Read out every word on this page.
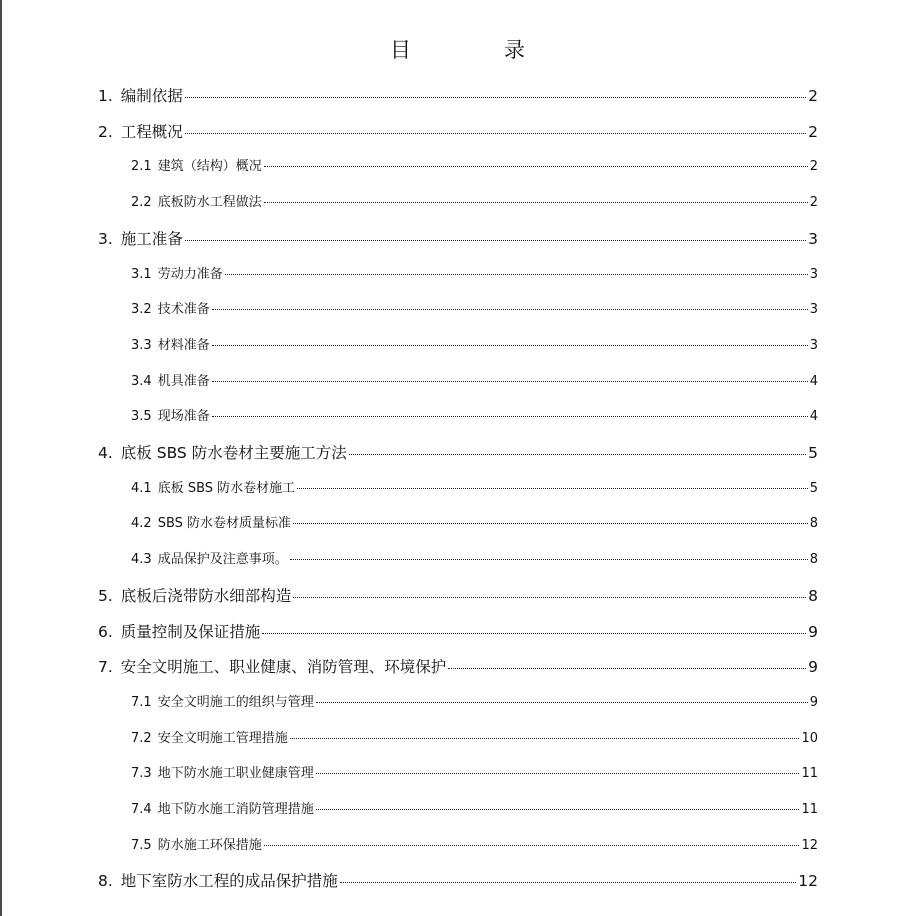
目　录
1. 编制依据	2
2. 工程概况	2
2.1 建筑（结构）概况	2
2.2 底板防水工程做法	2
3. 施工准备	3
3.1 劳动力准备	3
3.2 技术准备	3
3.3 材料准备	3
3.4 机具准备	4
3.5 现场准备	4
4. 底板 SBS 防水卷材主要施工方法	5
4.1 底板 SBS 防水卷材施工	5
4.2 SBS 防水卷材质量标准	8
4.3 成品保护及注意事项。	8
5. 底板后浇带防水细部构造	8
6. 质量控制及保证措施	9
7. 安全文明施工、职业健康、消防管理、环境保护	9
7.1 安全文明施工的组织与管理	9
7.2 安全文明施工管理措施	10
7.3 地下防水施工职业健康管理	11
7.4 地下防水施工消防管理措施	11
7.5 防水施工环保措施	12
8. 地下室防水工程的成品保护措施	12
